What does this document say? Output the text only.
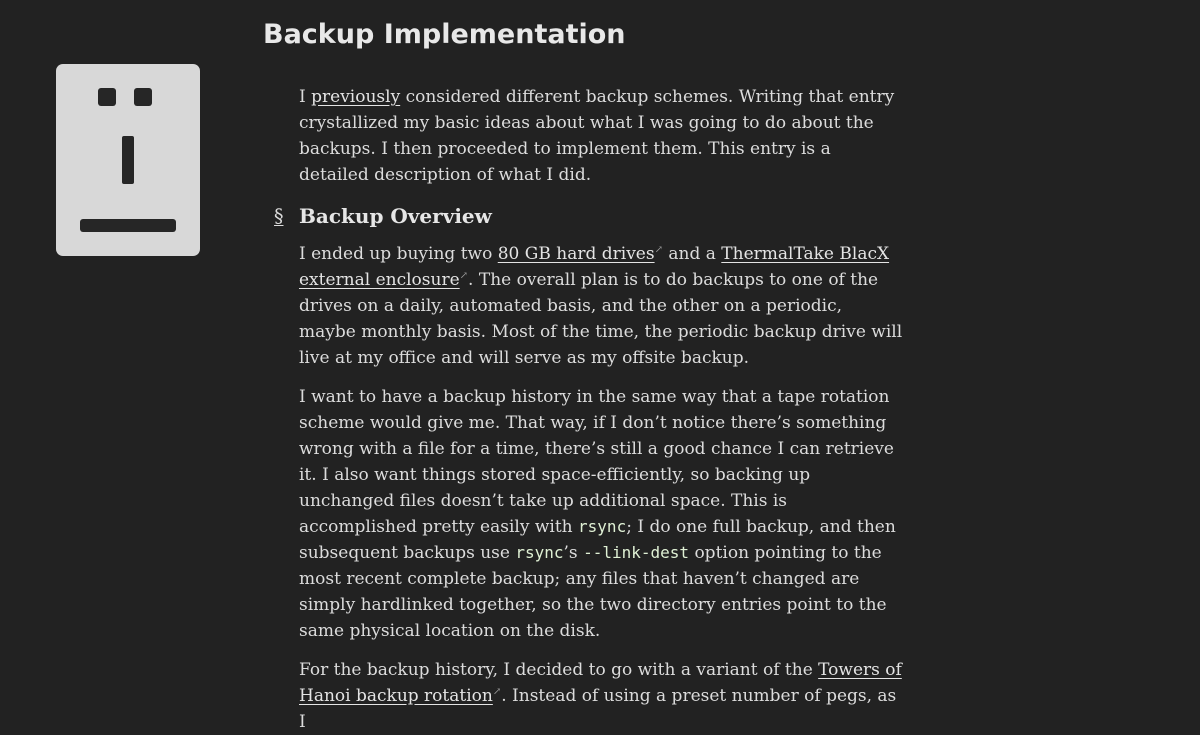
Backup Implementation

I previously considered different backup schemes. Writing that entry crystallized my basic ideas about what I was going to do about the backups. I then proceeded to implement them. This entry is a detailed description of what I did.

§ Backup Overview

I ended up buying two 80 GB hard drives↗ and a ThermalTake BlacX external enclosure↗. The overall plan is to do backups to one of the drives on a daily, automated basis, and the other on a periodic, maybe monthly basis. Most of the time, the periodic backup drive will live at my office and will serve as my offsite backup.

I want to have a backup history in the same way that a tape rotation scheme would give me. That way, if I don’t notice there’s something wrong with a file for a time, there’s still a good chance I can retrieve it. I also want things stored space-efficiently, so backing up unchanged files doesn’t take up additional space. This is accomplished pretty easily with rsync; I do one full backup, and then subsequent backups use rsync’s --link-dest option pointing to the most recent complete backup; any files that haven’t changed are simply hardlinked together, so the two directory entries point to the same physical location on the disk.

For the backup history, I decided to go with a variant of the Towers of Hanoi backup rotation↗. Instead of using a preset number of pegs, as I
